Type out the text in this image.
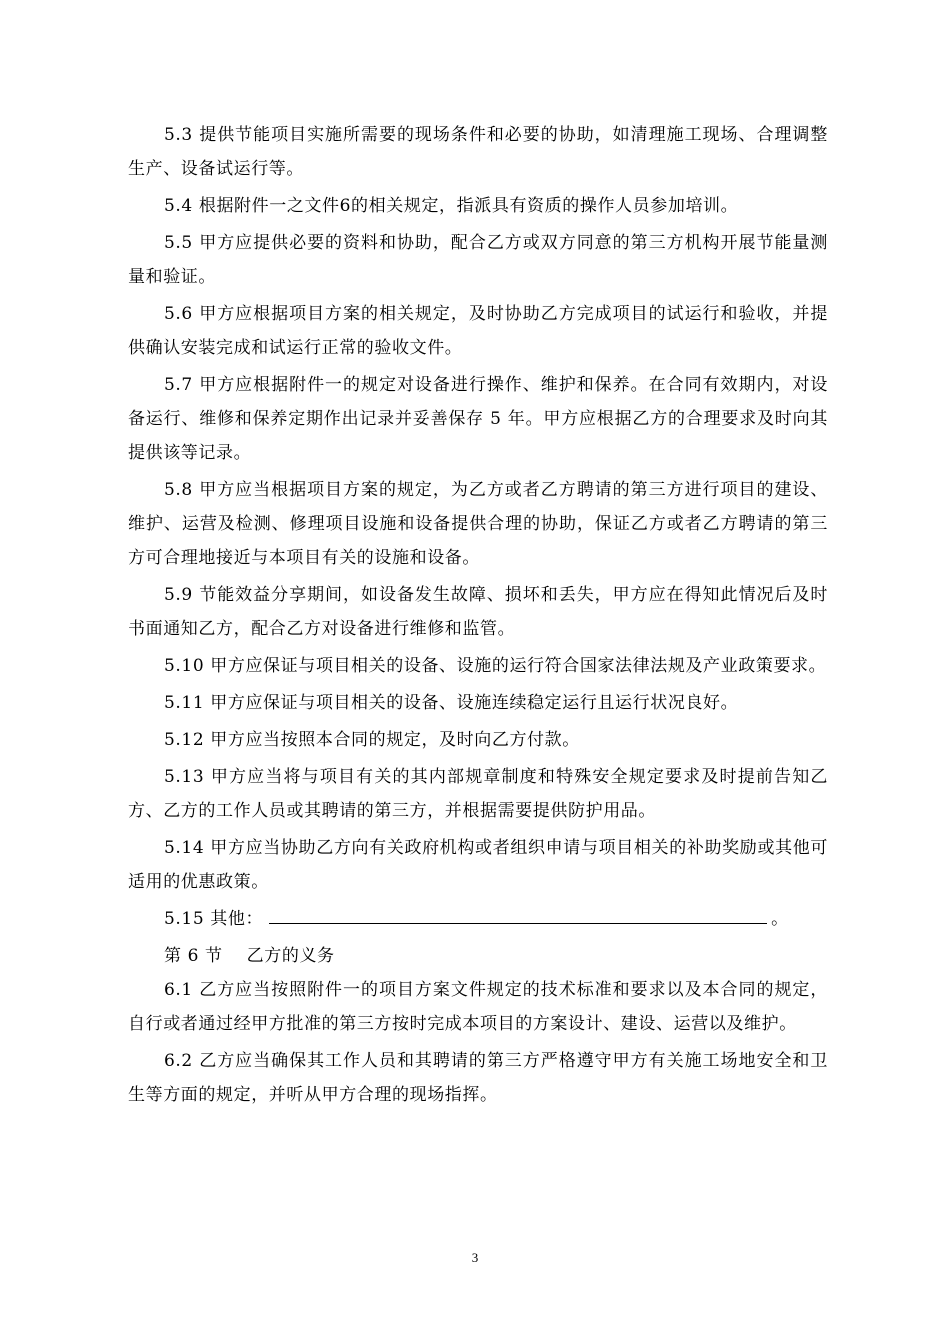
5.3 提供节能项目实施所需要的现场条件和必要的协助，如清理施工现场、合理调整生产、设备试运行等。

5.4 根据附件一之文件6的相关规定，指派具有资质的操作人员参加培训。

5.5 甲方应提供必要的资料和协助，配合乙方或双方同意的第三方机构开展节能量测量和验证。

5.6 甲方应根据项目方案的相关规定，及时协助乙方完成项目的试运行和验收，并提供确认安装完成和试运行正常的验收文件。

5.7 甲方应根据附件一的规定对设备进行操作、维护和保养。在合同有效期内，对设备运行、维修和保养定期作出记录并妥善保存 5 年。甲方应根据乙方的合理要求及时向其提供该等记录。

5.8 甲方应当根据项目方案的规定，为乙方或者乙方聘请的第三方进行项目的建设、维护、运营及检测、修理项目设施和设备提供合理的协助，保证乙方或者乙方聘请的第三方可合理地接近与本项目有关的设施和设备。

5.9 节能效益分享期间，如设备发生故障、损坏和丢失，甲方应在得知此情况后及时书面通知乙方，配合乙方对设备进行维修和监管。

5.10 甲方应保证与项目相关的设备、设施的运行符合国家法律法规及产业政策要求。

5.11 甲方应保证与项目相关的设备、设施连续稳定运行且运行状况良好。

5.12 甲方应当按照本合同的规定，及时向乙方付款。

5.13 甲方应当将与项目有关的其内部规章制度和特殊安全规定要求及时提前告知乙方、乙方的工作人员或其聘请的第三方，并根据需要提供防护用品。

5.14 甲方应当协助乙方向有关政府机构或者组织申请与项目相关的补助奖励或其他可适用的优惠政策。

5.15 其他：	。

第 6 节    乙方的义务

6.1 乙方应当按照附件一的项目方案文件规定的技术标准和要求以及本合同的规定，自行或者通过经甲方批准的第三方按时完成本项目的方案设计、建设、运营以及维护。

6.2 乙方应当确保其工作人员和其聘请的第三方严格遵守甲方有关施工场地安全和卫生等方面的规定，并听从甲方合理的现场指挥。

3
